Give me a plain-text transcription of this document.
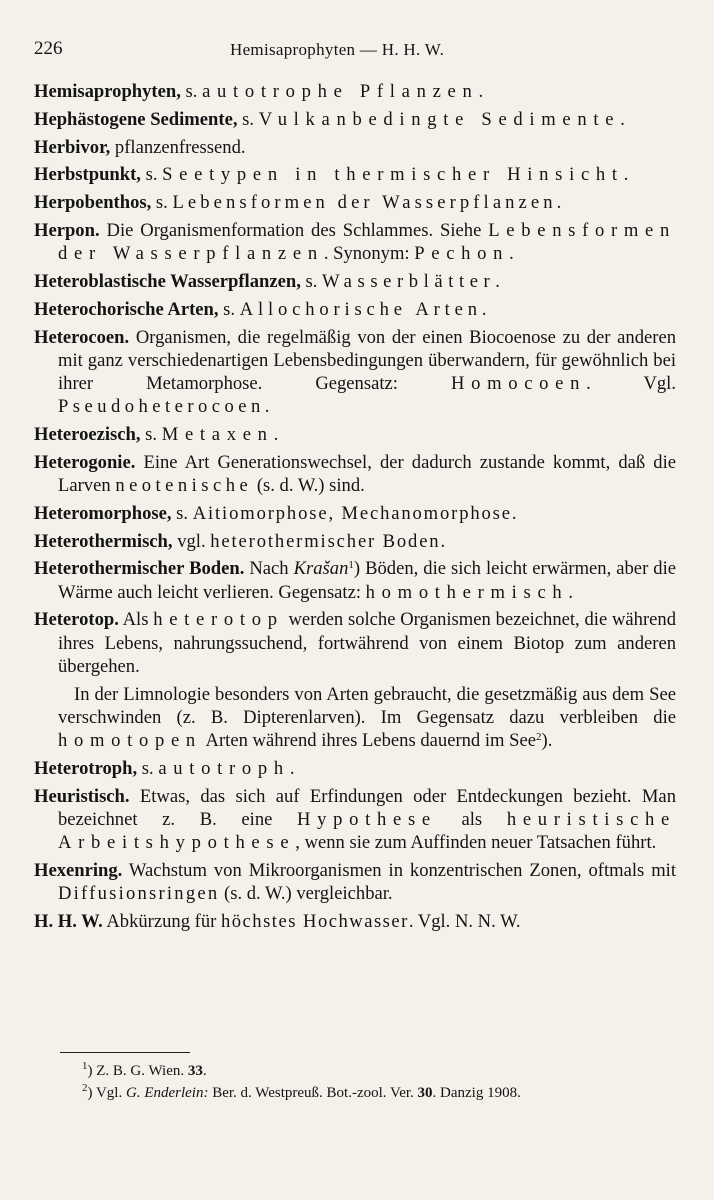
226	Hemisaprophyten — H. H. W.

Hemisaprophyten, s. autotrophe Pflanzen.

Hephästogene Sedimente, s. Vulkanbedingte Sedimente.

Herbivor, pflanzenfressend.

Herbstpunkt, s. Seetypen in thermischer Hinsicht.

Herpobenthos, s. Lebensformen der Wasserpflanzen.

Herpon. Die Organismenformation des Schlammes. Siehe Lebensformen der Wasserpflanzen. Synonym: Pechon.

Heteroblastische Wasserpflanzen, s. Wasserblätter.

Heterochorische Arten, s. Allochorische Arten.

Heterocoen. Organismen, die regelmäßig von der einen Biocoenose zu der anderen mit ganz verschiedenartigen Lebensbedingungen überwandern, für gewöhnlich bei ihrer Metamorphose. Gegensatz: Homocoen. Vgl. Pseudoheterocoen.

Heteroezisch, s. Metaxen.

Heterogonie. Eine Art Generationswechsel, der dadurch zustande kommt, daß die Larven neotenische (s. d. W.) sind.

Heteromorphose, s. Aitiomorphose, Mechanomorphose.

Heterothermisch, vgl. heterothermischer Boden.

Heterothermischer Boden. Nach Krašan$^1$) Böden, die sich leicht erwärmen, aber die Wärme auch leicht verlieren. Gegensatz: homothermisch.

Heterotop. Als heterotop werden solche Organismen bezeichnet, die während ihres Lebens, nahrungssuchend, fortwährend von einem Biotop zum anderen übergehen.

In der Limnologie besonders von Arten gebraucht, die gesetzmäßig aus dem See verschwinden (z. B. Dipterenlarven). Im Gegensatz dazu verbleiben die homotopen Arten während ihres Lebens dauernd im See$^2$).

Heterotroph, s. autotroph.

Heuristisch. Etwas, das sich auf Erfindungen oder Entdeckungen bezieht. Man bezeichnet z. B. eine Hypothese als heuristische Arbeitshypothese, wenn sie zum Auffinden neuer Tatsachen führt.

Hexenring. Wachstum von Mikroorganismen in konzentrischen Zonen, oftmals mit Diffusionsringen (s. d. W.) vergleichbar.

H. H. W. Abkürzung für höchstes Hochwasser. Vgl. N. N. W.

$^1$) Z. B. G. Wien. 33.
$^2$) Vgl. G. Enderlein: Ber. d. Westpreuß. Bot.-zool. Ver. 30. Danzig 1908.
